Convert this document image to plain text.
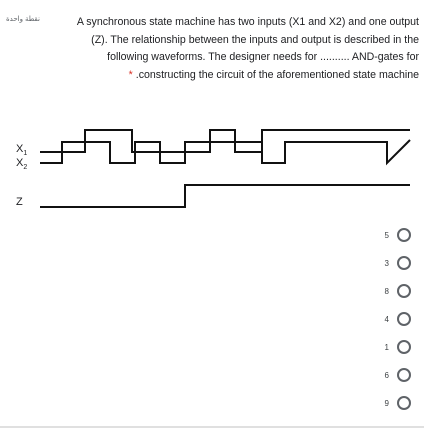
نقطة واحدة	A synchronous state machine has two inputs (X1 and X2) and one output
(Z). The relationship between the inputs and output is described in the
following waveforms. The designer needs for .......... AND-gates for
* .constructing the circuit of the aforementioned state machine
$X_1$
$X_2$
Z
5
3
8
4
1
6
9
